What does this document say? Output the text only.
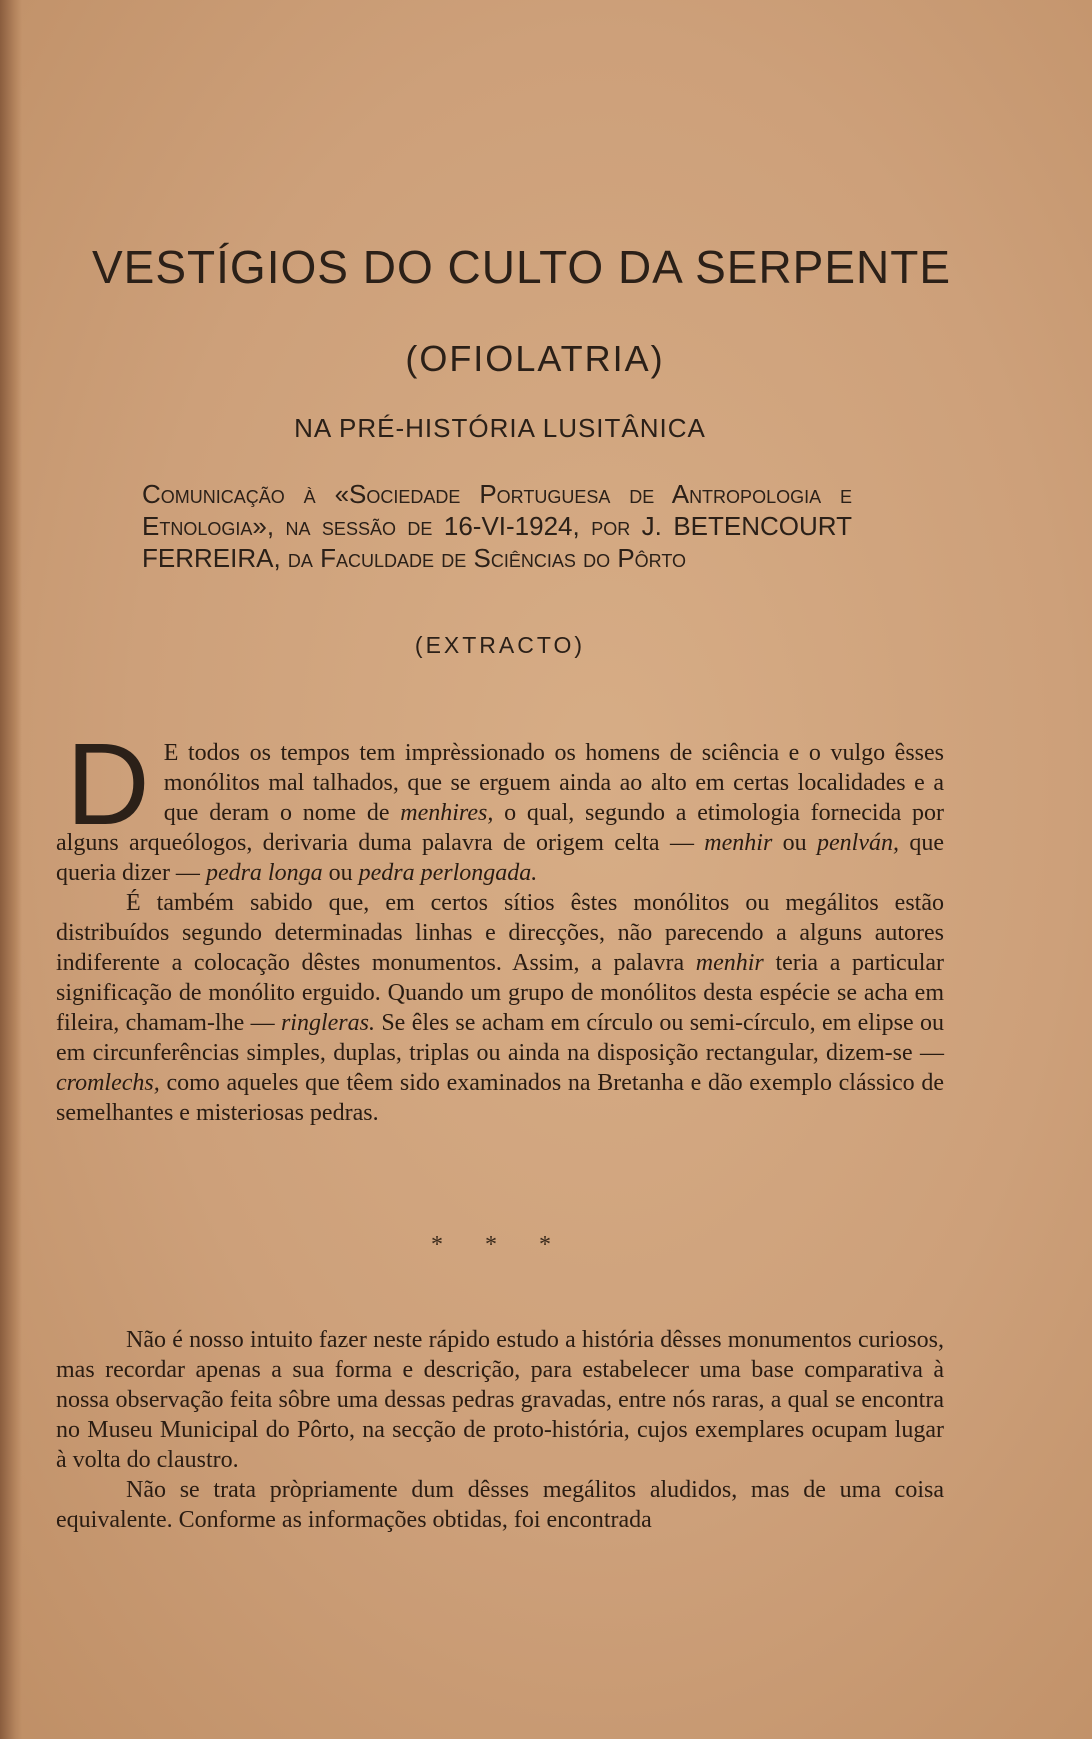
VESTÍGIOS DO CULTO DA SERPENTE
(OFIOLATRIA)
NA PRÉ-HISTÓRIA LUSITÂNICA
Comunicação à «Sociedade Portuguesa de Antropologia e Etnologia», na sessão de 16-VI-1924, por J. BETENCOURT FERREIRA, da Faculdade de Sciências do Pôrto
(EXTRACTO)

D E todos os tempos tem imprèssionado os homens de sciência e o vulgo êsses monólitos mal talhados, que se erguem ainda ao alto em certas localidades e a que deram o nome de menhires, o qual, segundo a etimologia fornecida por alguns arqueólogos, derivaria duma palavra de origem celta — menhir ou penlván, que queria dizer — pedra longa ou pedra perlongada.

É também sabido que, em certos sítios êstes monólitos ou megálitos estão distribuídos segundo determinadas linhas e direcções, não parecendo a alguns autores indiferente a colocação dêstes monumentos. Assim, a palavra menhir teria a particular significação de monólito erguido. Quando um grupo de monólitos desta espécie se acha em fileira, chamam-lhe — ringleras. Se êles se acham em círculo ou semi-círculo, em elipse ou em circunferências simples, duplas, triplas ou ainda na disposição rectangular, dizem-se — cromlechs, como aqueles que têem sido examinados na Bretanha e dão exemplo clássico de semelhantes e misteriosas pedras.

* * *

Não é nosso intuito fazer neste rápido estudo a história dêsses monumentos curiosos, mas recordar apenas a sua forma e descrição, para estabelecer uma base comparativa à nossa observação feita sôbre uma dessas pedras gravadas, entre nós raras, a qual se encontra no Museu Municipal do Pôrto, na secção de proto-história, cujos exemplares ocupam lugar à volta do claustro.

Não se trata pròpriamente dum dêsses megálitos aludidos, mas de uma coisa equivalente. Conforme as informações obtidas, foi encontrada
